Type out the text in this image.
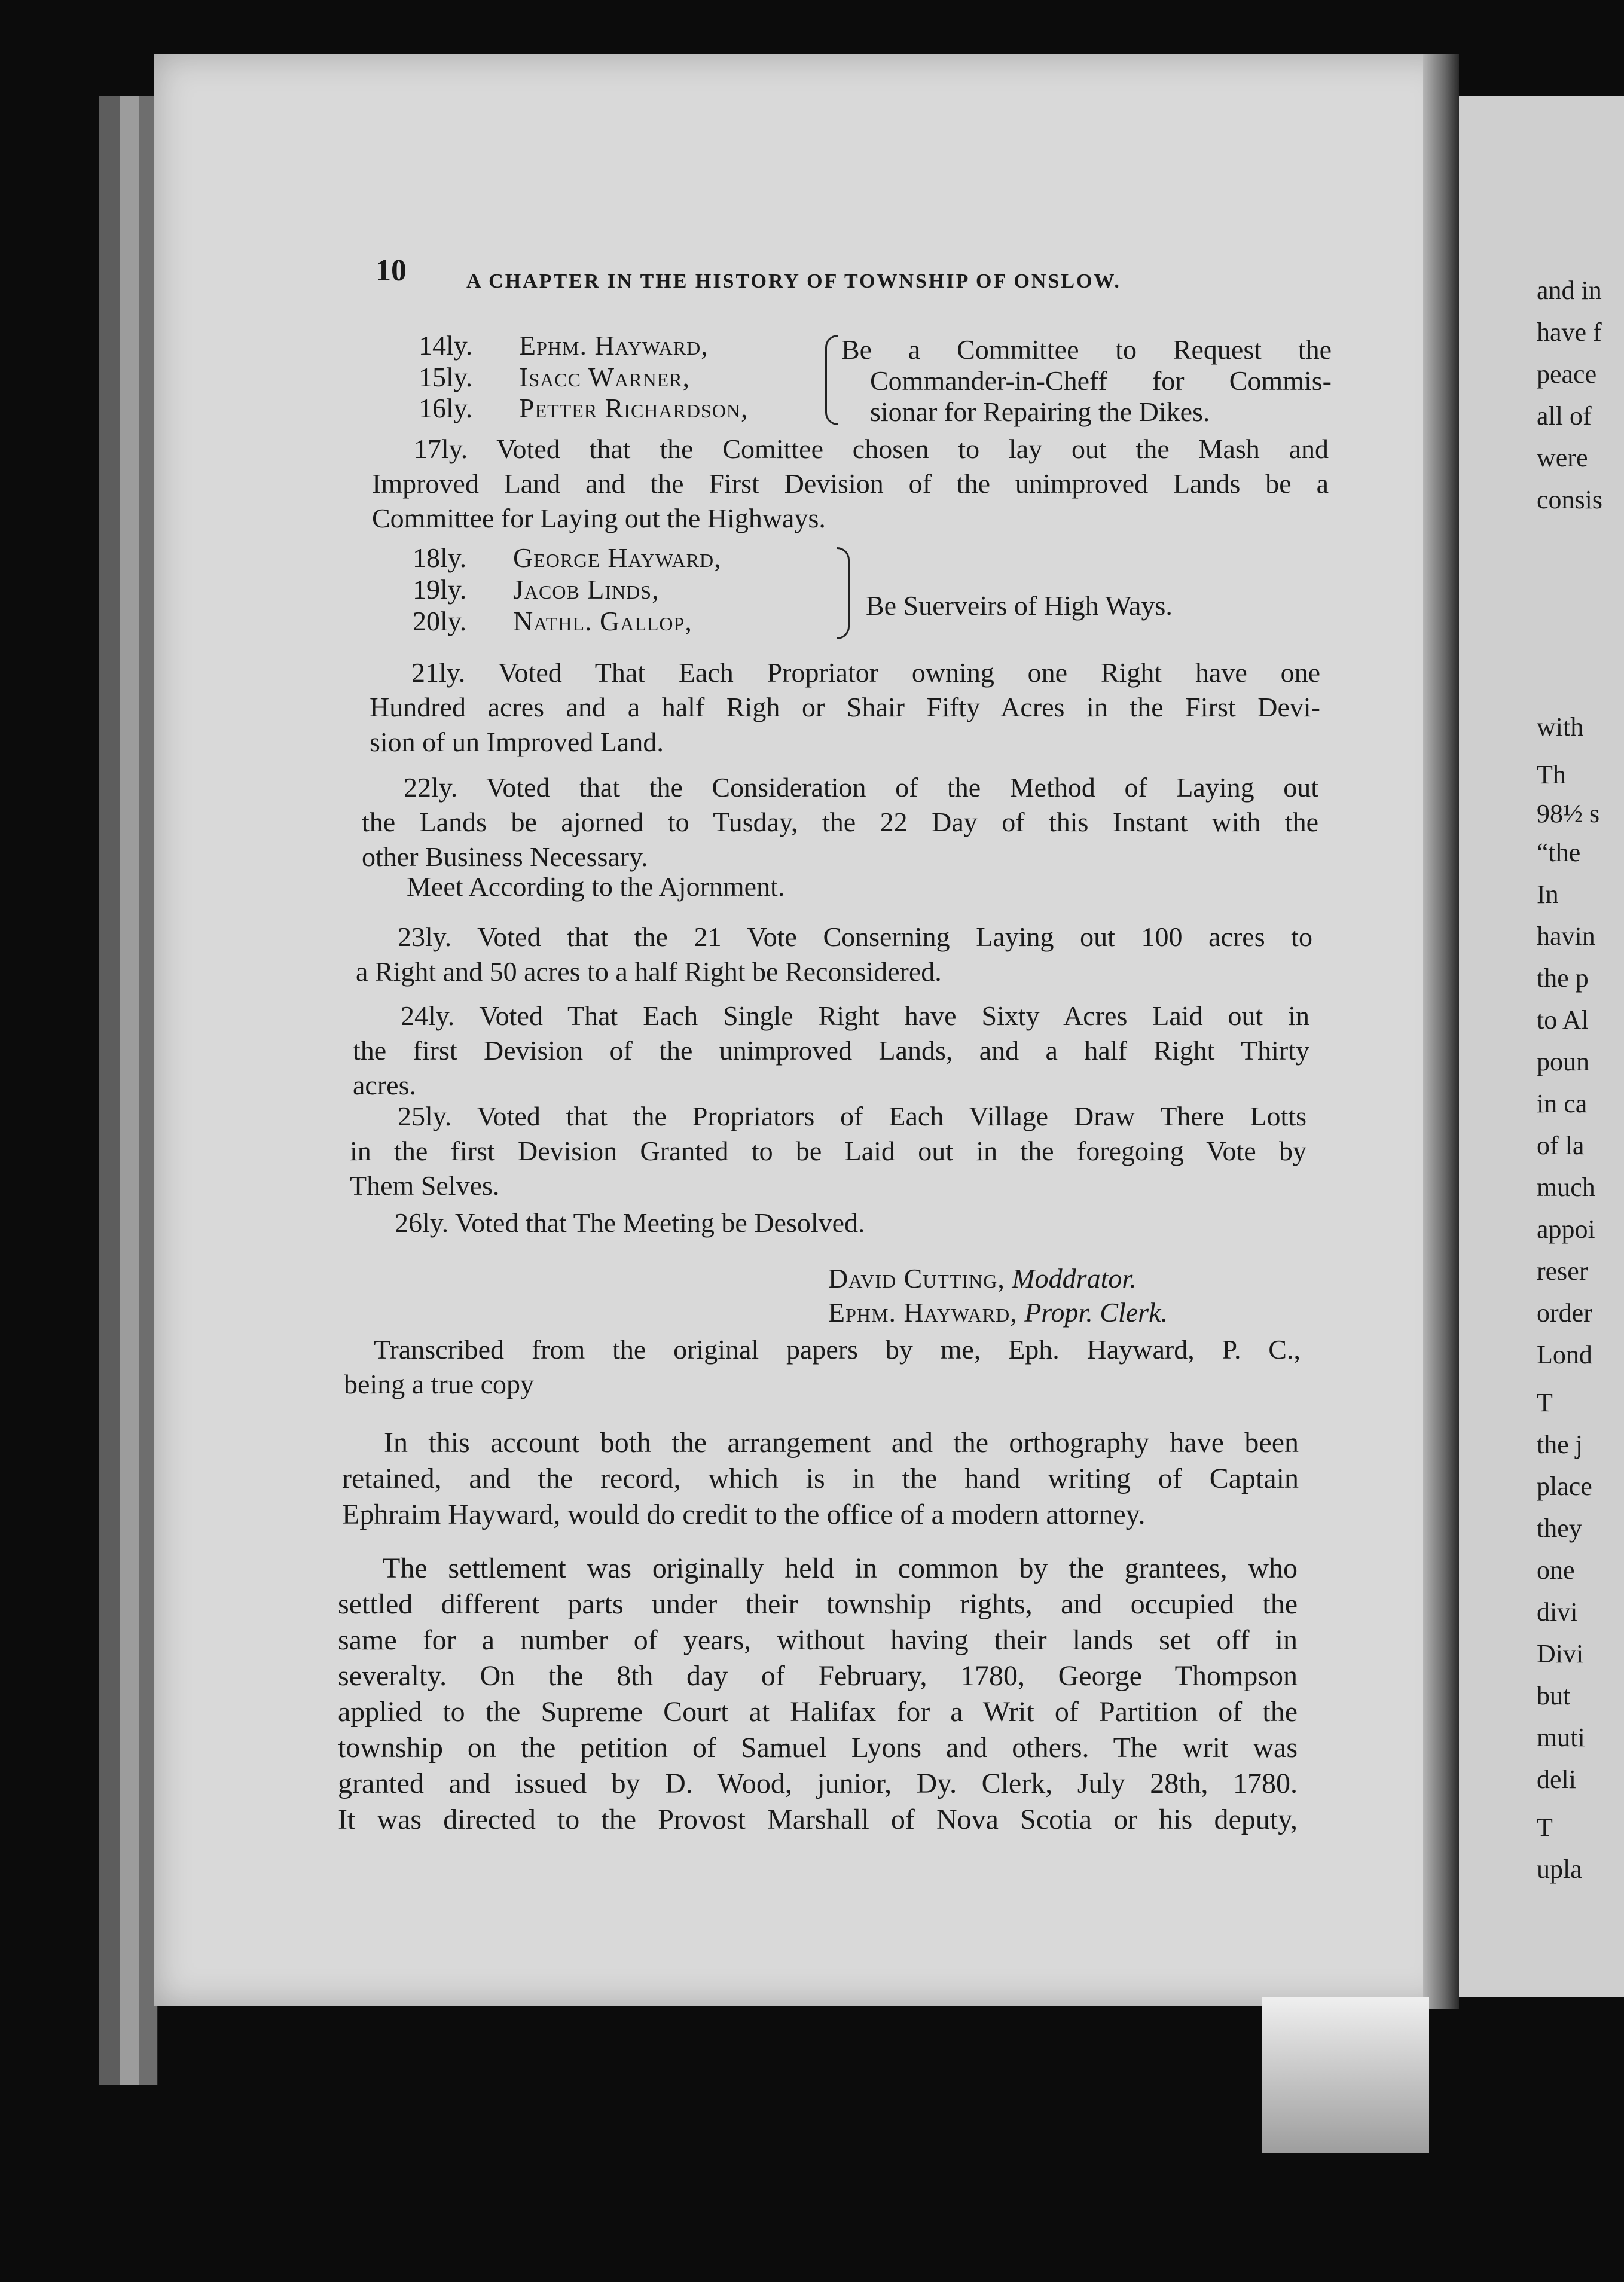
and in
have f
peace
all of
were
consis
with
Th
98½ s
“the
In
havin
the p
to Al
poun
in ca
of la
much
appoi
reser
order
Lond
T
the j
place
they
one
divi
Divi
but
muti
deli
T
upla
10	A CHAPTER IN THE HISTORY OF TOWNSHIP OF ONSLOW.
14ly. Ephm. Hayward,
15ly. Isacc Warner,
16ly. Petter Richardson,
Be a Committee to Request the
Commander-in-Cheff for Commis-
sionar for Repairing the Dikes.
17ly. Voted that the Comittee chosen to lay out the Mash and
Improved Land and the First Devision of the unimproved Lands be a
Committee for Laying out the Highways.
18ly. George Hayward,
19ly. Jacob Linds,
20ly. Nathl. Gallop,
Be Suerveirs of High Ways.
21ly. Voted That Each Propriator owning one Right have one
Hundred acres and a half Righ or Shair Fifty Acres in the First Devi-
sion of un Improved Land.
22ly. Voted that the Consideration of the Method of Laying out
the Lands be ajorned to Tusday, the 22 Day of this Instant with the
other Business Necessary.
Meet According to the Ajornment.
23ly. Voted that the 21 Vote Conserning Laying out 100 acres to
a Right and 50 acres to a half Right be Reconsidered.
24ly. Voted That Each Single Right have Sixty Acres Laid out in
the first Devision of the unimproved Lands, and a half Right Thirty
acres.
25ly. Voted that the Propriators of Each Village Draw There Lotts
in the first Devision Granted to be Laid out in the foregoing Vote by
Them Selves.
26ly. Voted that The Meeting be Desolved.
David Cutting, Moddrator.
Ephm. Hayward, Propr. Clerk.
Transcribed from the original papers by me, Eph. Hayward, P. C.,
being a true copy
In this account both the arrangement and the orthography have been
retained, and the record, which is in the hand writing of Captain
Ephraim Hayward, would do credit to the office of a modern attorney.
The settlement was originally held in common by the grantees, who
settled different parts under their township rights, and occupied the
same for a number of years, without having their lands set off in
severalty. On the 8th day of February, 1780, George Thompson
applied to the Supreme Court at Halifax for a Writ of Partition of the
township on the petition of Samuel Lyons and others. The writ was
granted and issued by D. Wood, junior, Dy. Clerk, July 28th, 1780.
It was directed to the Provost Marshall of Nova Scotia or his deputy,
